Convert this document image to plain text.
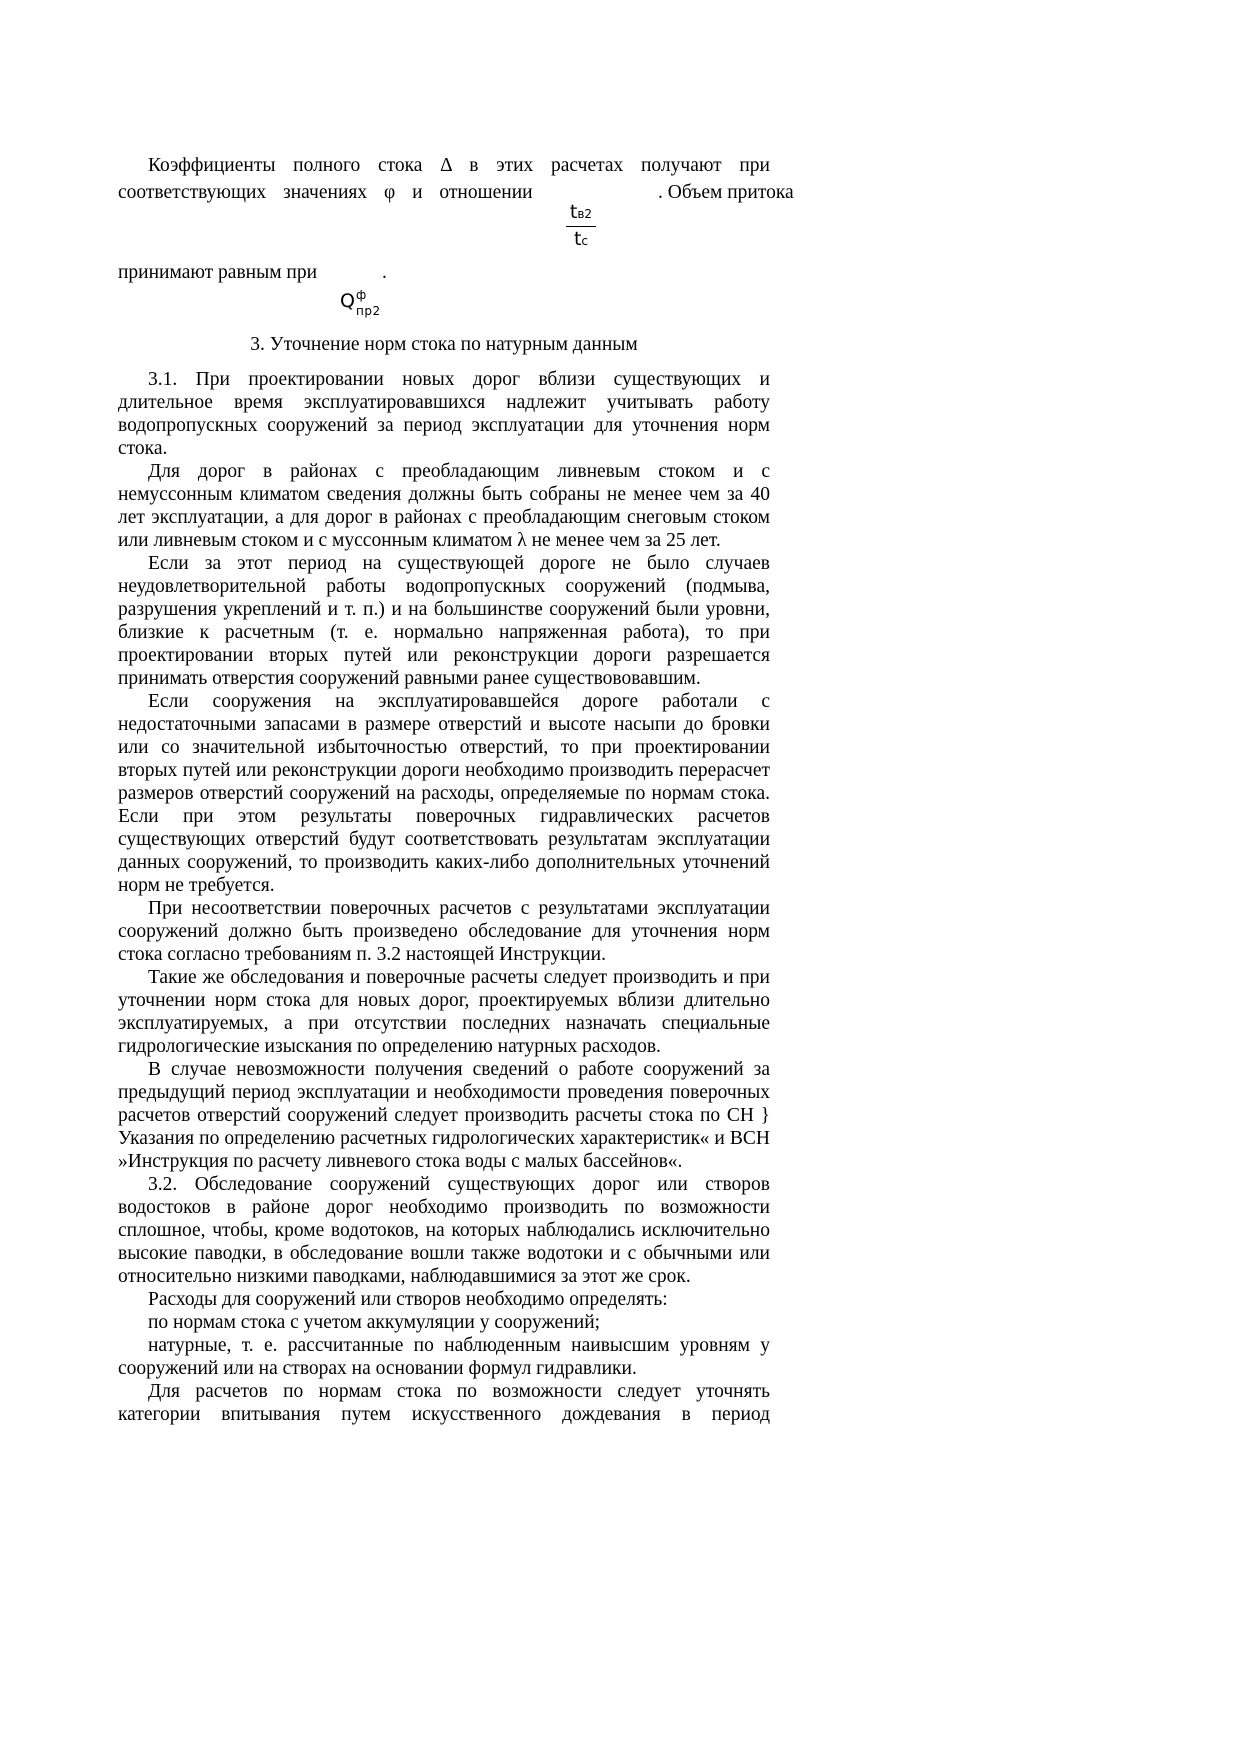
Коэффициенты полного стока Δ в этих расчетах получают при

соответствующих значениях φ и отношении	. Объем притока
tв2
tс
принимают равным при	.
Q ф
пр2
3. Уточнение норм стока по натурным данным

3.1. При проектировании новых дорог вблизи существующих и длительное время эксплуатировавшихся надлежит учитывать работу водопропускных сооружений за период эксплуатации для уточнения норм стока.

Для дорог в районах с преобладающим ливневым стоком и с немуссонным климатом сведения должны быть собраны не менее чем за 40 лет эксплуатации, а для дорог в районах с преобладающим снеговым стоком или ливневым стоком и с муссонным климатом λ не менее чем за 25 лет.

Если за этот период на существующей дороге не было случаев неудовлетворительной работы водопропускных сооружений (подмыва, разрушения укреплений и т. п.) и на большинстве сооружений были уровни, близкие к расчетным (т. е. нормально напряженная работа), то при проектировании вторых путей или реконструкции дороги разрешается принимать отверстия сооружений равными ранее существововавшим.

Если сооружения на эксплуатировавшейся дороге работали с недостаточными запасами в размере отверстий и высоте насыпи до бровки или со значительной избыточностью отверстий, то при проектировании вторых путей или реконструкции дороги необходимо производить перерасчет размеров отверстий сооружений на расходы, определяемые по нормам стока. Если при этом результаты поверочных гидравлических расчетов существующих отверстий будут соответствовать результатам эксплуатации данных сооружений, то производить каких-либо дополнительных уточнений норм не требуется.

При несоответствии поверочных расчетов с результатами эксплуатации сооружений должно быть произведено обследование для уточнения норм стока согласно требованиям п. 3.2 настоящей Инструкции.

Такие же обследования и поверочные расчеты следует производить и при уточнении норм стока для новых дорог, проектируемых вблизи длительно эксплуатируемых, а при отсутствии последних назначать специальные гидрологические изыскания по определению натурных расходов.

В случае невозможности получения сведений о работе сооружений за предыдущий период эксплуатации и необходимости проведения поверочных расчетов отверстий сооружений следует производить расчеты стока по СН }Указания по определению расчетных гидрологических характеристик« и ВСН »Инструкция по расчету ливневого стока воды с малых бассейнов«.

3.2. Обследование сооружений существующих дорог или створов водостоков в районе дорог необходимо производить по возможности сплошное, чтобы, кроме водотоков, на которых наблюдались исключительно высокие паводки, в обследование вошли также водотоки и с обычными или относительно низкими паводками, наблюдавшимися за этот же срок.

Расходы для сооружений или створов необходимо определять:

по нормам стока с учетом аккумуляции у сооружений;

натурные, т. е. рассчитанные по наблюденным наивысшим уровням у сооружений или на створах на основании формул гидравлики.

Для расчетов по нормам стока по возможности следует уточнять категории впитывания путем искусственного дождевания в период
